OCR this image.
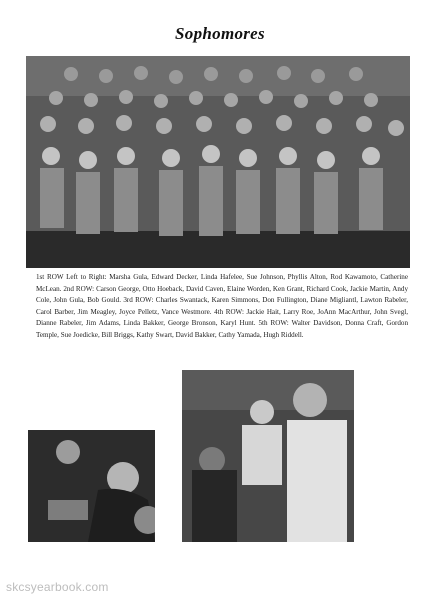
Sophomores

1st ROW Left to Right: Marsha Gula, Edward Decker, Linda Hafelee, Sue Johnson, Phyllis Alton, Rod Kawamoto, Catherine McLean. 2nd ROW: Carson George, Otto Hoeback, David Caven, Elaine Worden, Ken Grant, Richard Cook, Jackie Martin, Andy Cole, John Gula, Bob Gould. 3rd ROW: Charles Swantack, Karen Simmons, Don Fullington, Diane Migliantl, Lawton Rabeler, Carol Barber, Jim Meagley, Joyce Pelletz, Vance Westmore. 4th ROW: Jackie Hait, Larry Roe, JoAnn MacArthur, John Svegl, Dianne Rabeler, Jim Adams, Linda Bakker, George Bronson, Karyl Hunt. 5th ROW: Walter Davidson, Donna Craft, Gordon Temple, Sue Joedicke, Bill Briggs, Kathy Swart, David Bakker, Cathy Yamada, Hugh Riddell.

skcsyearbook.com
